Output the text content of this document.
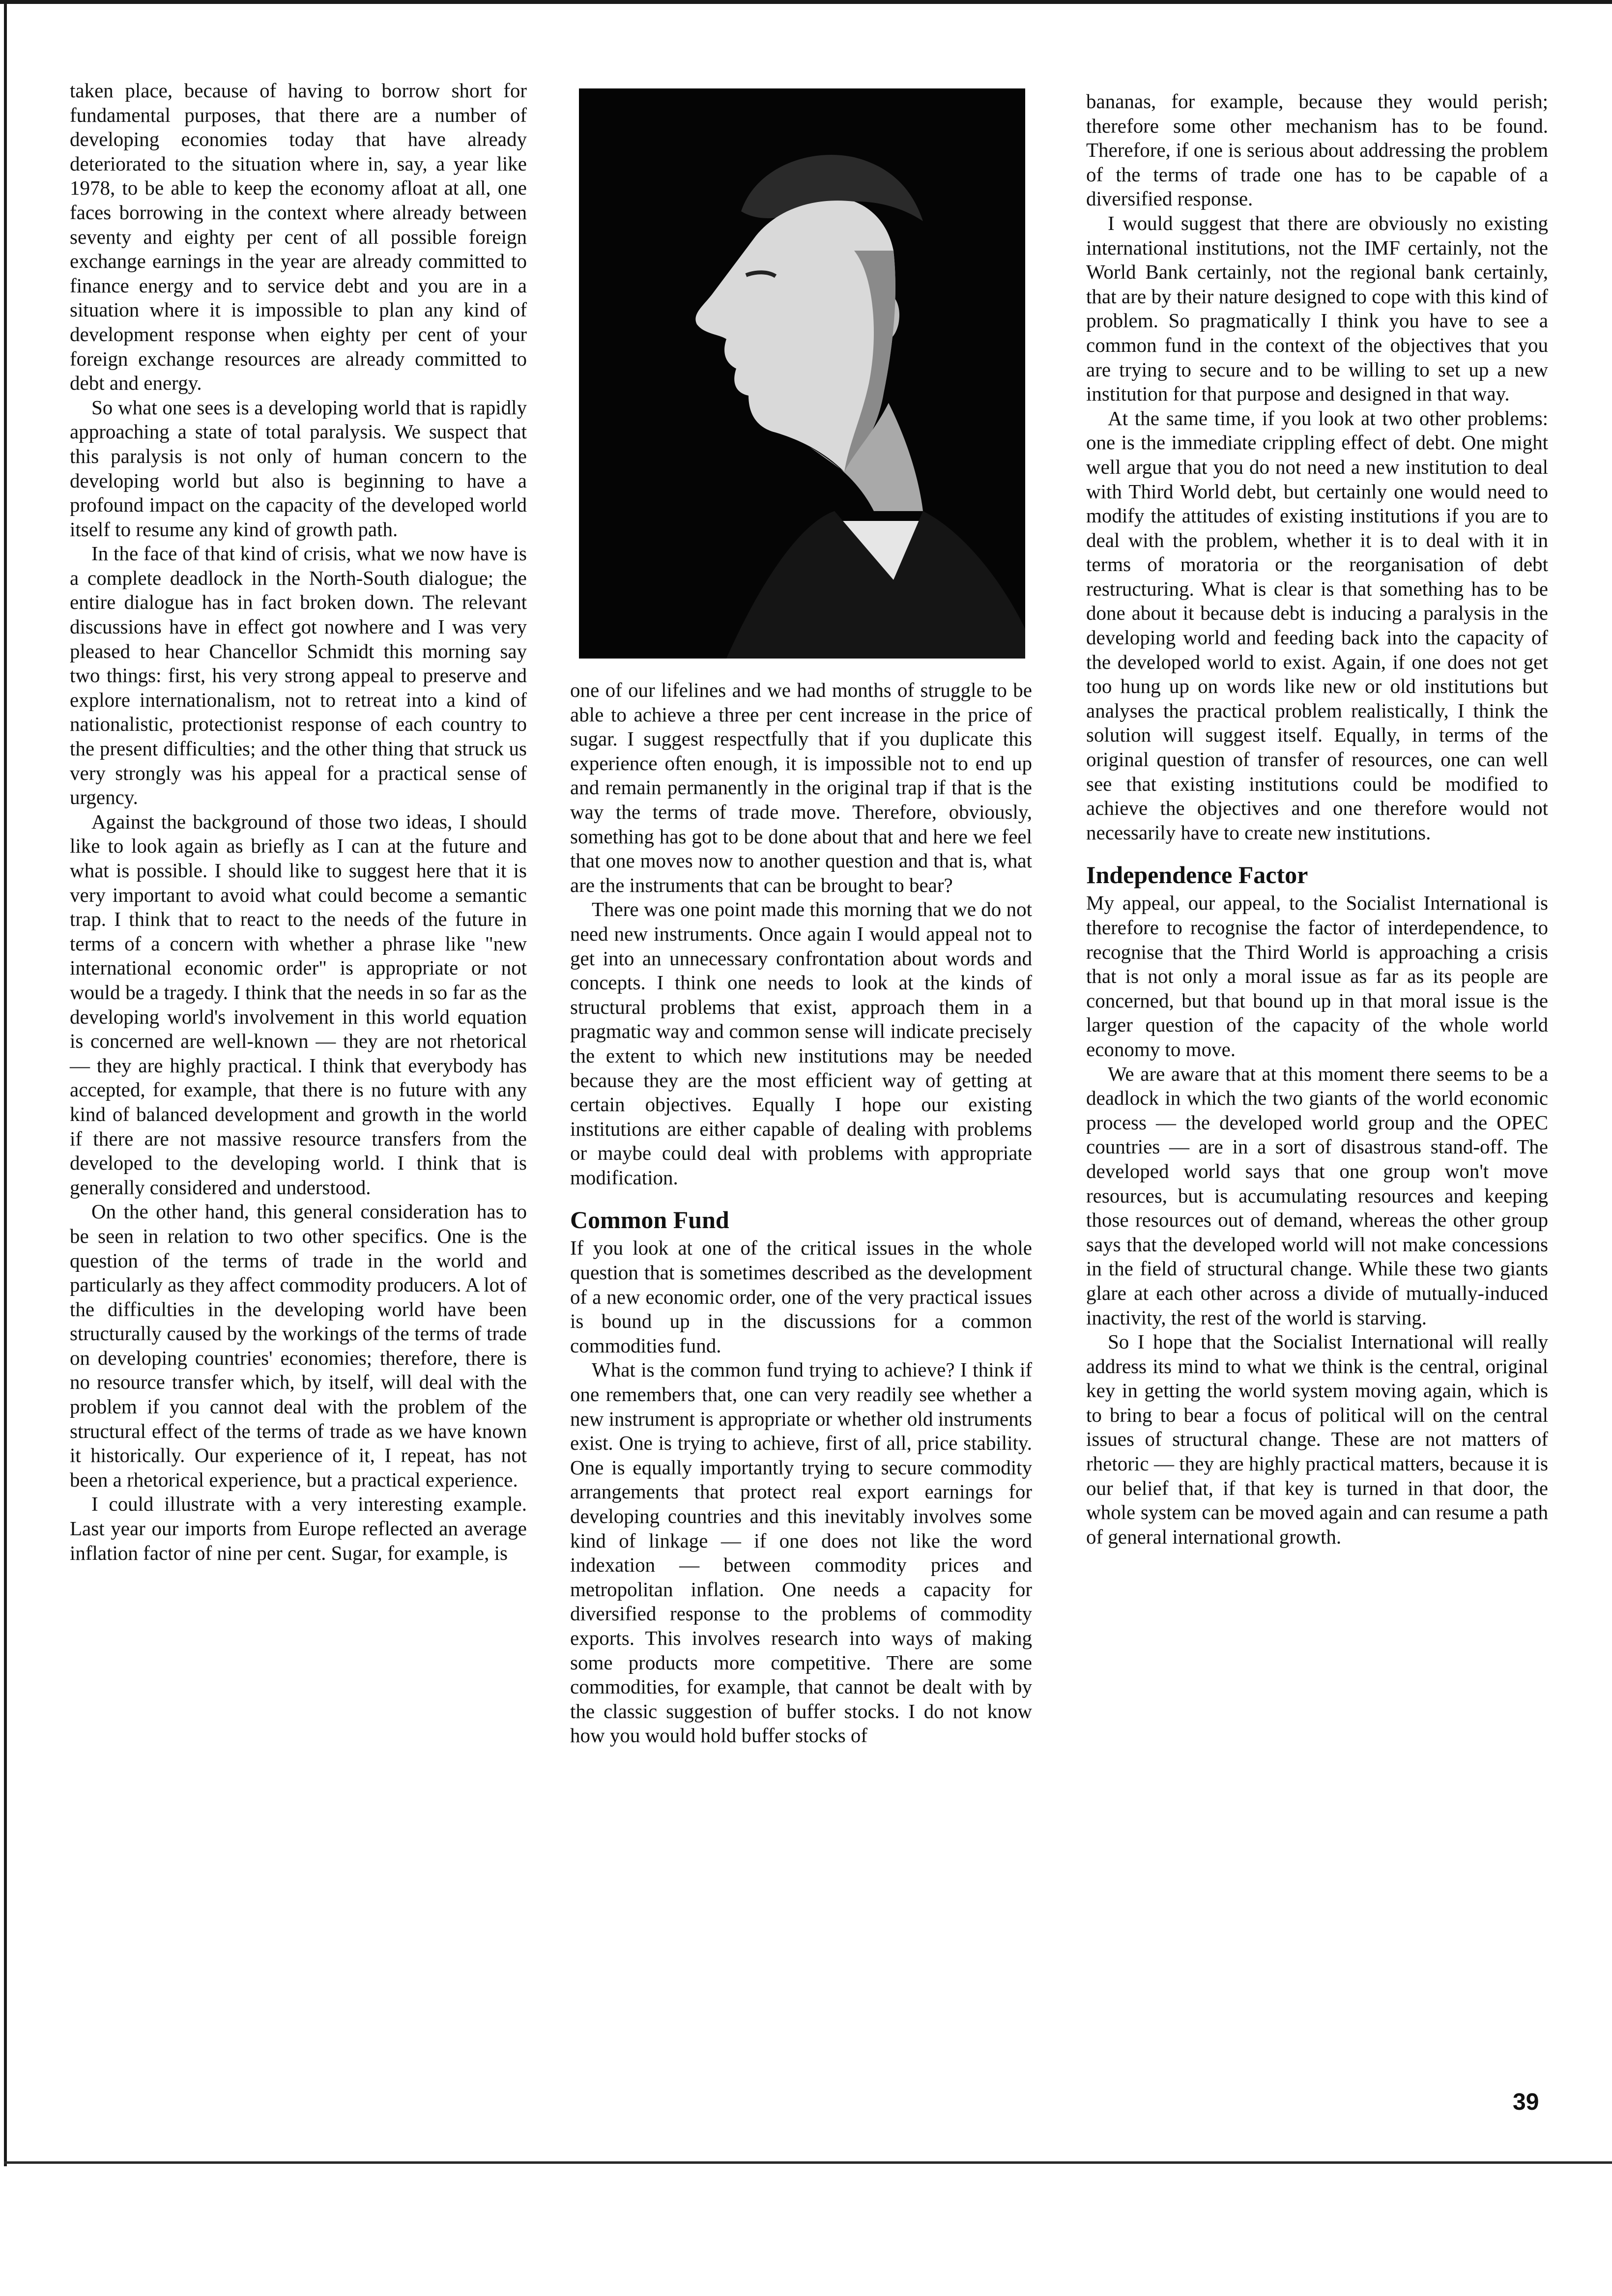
taken place, because of having to borrow short for fundamental purposes, that there are a number of developing economies today that have already deteriorated to the situation where in, say, a year like 1978, to be able to keep the economy afloat at all, one faces borrowing in the context where already between seventy and eighty per cent of all possible foreign exchange earnings in the year are already committed to finance energy and to service debt and you are in a situation where it is impossible to plan any kind of development response when eighty per cent of your foreign exchange resources are already committed to debt and energy.

So what one sees is a developing world that is rapidly approaching a state of total paralysis. We suspect that this paralysis is not only of human concern to the developing world but also is beginning to have a profound impact on the capacity of the developed world itself to resume any kind of growth path.

In the face of that kind of crisis, what we now have is a complete deadlock in the North-South dialogue; the entire dialogue has in fact broken down. The relevant discussions have in effect got nowhere and I was very pleased to hear Chancellor Schmidt this morning say two things: first, his very strong appeal to preserve and explore internationalism, not to retreat into a kind of nationalistic, protectionist response of each country to the present difficulties; and the other thing that struck us very strongly was his appeal for a practical sense of urgency.

Against the background of those two ideas, I should like to look again as briefly as I can at the future and what is possible. I should like to suggest here that it is very important to avoid what could become a semantic trap. I think that to react to the needs of the future in terms of a concern with whether a phrase like "new international economic order" is appropriate or not would be a tragedy. I think that the needs in so far as the developing world's involvement in this world equation is concerned are well-known — they are not rhetorical — they are highly practical. I think that everybody has accepted, for example, that there is no future with any kind of balanced development and growth in the world if there are not massive resource transfers from the developed to the developing world. I think that is generally considered and understood.

On the other hand, this general consideration has to be seen in relation to two other specifics. One is the question of the terms of trade in the world and particularly as they affect commodity producers. A lot of the difficulties in the developing world have been structurally caused by the workings of the terms of trade on developing countries' economies; therefore, there is no resource transfer which, by itself, will deal with the problem if you cannot deal with the problem of the structural effect of the terms of trade as we have known it historically. Our experience of it, I repeat, has not been a rhetorical experience, but a practical experience.

I could illustrate with a very interesting example. Last year our imports from Europe reflected an average inflation factor of nine per cent. Sugar, for example, is

one of our lifelines and we had months of struggle to be able to achieve a three per cent increase in the price of sugar. I suggest respectfully that if you duplicate this experience often enough, it is impossible not to end up and remain permanently in the original trap if that is the way the terms of trade move. Therefore, obviously, something has got to be done about that and here we feel that one moves now to another question and that is, what are the instruments that can be brought to bear?

There was one point made this morning that we do not need new instruments. Once again I would appeal not to get into an unnecessary confrontation about words and concepts. I think one needs to look at the kinds of structural problems that exist, approach them in a pragmatic way and common sense will indicate precisely the extent to which new institutions may be needed because they are the most efficient way of getting at certain objectives. Equally I hope our existing institutions are either capable of dealing with problems or maybe could deal with problems with appropriate modification.

Common Fund

If you look at one of the critical issues in the whole question that is sometimes described as the development of a new economic order, one of the very practical issues is bound up in the discussions for a common commodities fund.

What is the common fund trying to achieve? I think if one remembers that, one can very readily see whether a new instrument is appropriate or whether old instruments exist. One is trying to achieve, first of all, price stability. One is equally importantly trying to secure commodity arrangements that protect real export earnings for developing countries and this inevitably involves some kind of linkage — if one does not like the word indexation — between commodity prices and metropolitan inflation. One needs a capacity for diversified response to the problems of commodity exports. This involves research into ways of making some products more competitive. There are some commodities, for example, that cannot be dealt with by the classic suggestion of buffer stocks. I do not know how you would hold buffer stocks of

bananas, for example, because they would perish; therefore some other mechanism has to be found. Therefore, if one is serious about addressing the problem of the terms of trade one has to be capable of a diversified response.

I would suggest that there are obviously no existing international institutions, not the IMF certainly, not the World Bank certainly, not the regional bank certainly, that are by their nature designed to cope with this kind of problem. So pragmatically I think you have to see a common fund in the context of the objectives that you are trying to secure and to be willing to set up a new institution for that purpose and designed in that way.

At the same time, if you look at two other problems: one is the immediate crippling effect of debt. One might well argue that you do not need a new institution to deal with Third World debt, but certainly one would need to modify the attitudes of existing institutions if you are to deal with the problem, whether it is to deal with it in terms of moratoria or the reorganisation of debt restructuring. What is clear is that something has to be done about it because debt is inducing a paralysis in the developing world and feeding back into the capacity of the developed world to exist. Again, if one does not get too hung up on words like new or old institutions but analyses the practical problem realistically, I think the solution will suggest itself. Equally, in terms of the original question of transfer of resources, one can well see that existing institutions could be modified to achieve the objectives and one therefore would not necessarily have to create new institutions.

Independence Factor

My appeal, our appeal, to the Socialist International is therefore to recognise the factor of interdependence, to recognise that the Third World is approaching a crisis that is not only a moral issue as far as its people are concerned, but that bound up in that moral issue is the larger question of the capacity of the whole world economy to move.

We are aware that at this moment there seems to be a deadlock in which the two giants of the world economic process — the developed world group and the OPEC countries — are in a sort of disastrous stand-off. The developed world says that one group won't move resources, but is accumulating resources and keeping those resources out of demand, whereas the other group says that the developed world will not make concessions in the field of structural change. While these two giants glare at each other across a divide of mutually-induced inactivity, the rest of the world is starving.

So I hope that the Socialist International will really address its mind to what we think is the central, original key in getting the world system moving again, which is to bring to bear a focus of political will on the central issues of structural change. These are not matters of rhetoric — they are highly practical matters, because it is our belief that, if that key is turned in that door, the whole system can be moved again and can resume a path of general international growth.

39
